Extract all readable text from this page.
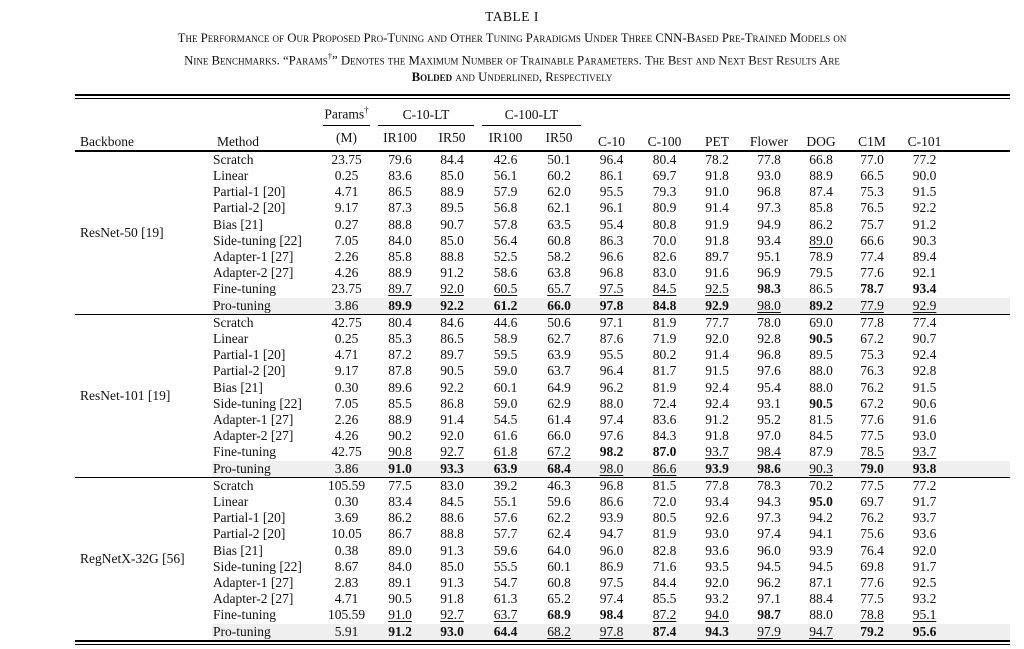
TABLE I
The Performance of Our Proposed Pro-Tuning and Other Tuning Paradigms Under Three CNN-Based Pre-Trained Models on
Nine Benchmarks. “Params†” Denotes the Maximum Number of Trainable Parameters. The Best and Next Best Results Are
Bolded and Underlined, Respectively
Backbone	Method	Params†	C-10-LT		C-100-LT		C-10	C-100	PET	Flower	DOG	C1M	C-101	
		(M)	IR100	IR50	IR100	IR50								
ResNet-50 [19]	Scratch	23.75	79.6	84.4	42.6	50.1	96.4	80.4	78.2	77.8	66.8	77.0	77.2	
	Linear	0.25	83.6	85.0	56.1	60.2	86.1	69.7	91.8	93.0	88.9	66.5	90.0	
	Partial-1 [20]	4.71	86.5	88.9	57.9	62.0	95.5	79.3	91.0	96.8	87.4	75.3	91.5	
	Partial-2 [20]	9.17	87.3	89.5	56.8	62.1	96.1	80.9	91.4	97.3	85.8	76.5	92.2	
	Bias [21]	0.27	88.8	90.7	57.8	63.5	95.4	80.8	91.9	94.9	86.2	75.7	91.2	
	Side-tuning [22]	7.05	84.0	85.0	56.4	60.8	86.3	70.0	91.8	93.4	89.0	66.6	90.3	
	Adapter-1 [27]	2.26	85.8	88.8	52.5	58.2	96.6	82.6	89.7	95.1	78.9	77.4	89.4	
	Adapter-2 [27]	4.26	88.9	91.2	58.6	63.8	96.8	83.0	91.6	96.9	79.5	77.6	92.1	
	Fine-tuning	23.75	89.7	92.0	60.5	65.7	97.5	84.5	92.5	98.3	86.5	78.7	93.4	
	Pro-tuning	3.86	89.9	92.2	61.2	66.0	97.8	84.8	92.9	98.0	89.2	77.9	92.9	
ResNet-101 [19]	Scratch	42.75	80.4	84.6	44.6	50.6	97.1	81.9	77.7	78.0	69.0	77.8	77.4	
	Linear	0.25	85.3	86.5	58.9	62.7	87.6	71.9	92.0	92.8	90.5	67.2	90.7	
	Partial-1 [20]	4.71	87.2	89.7	59.5	63.9	95.5	80.2	91.4	96.8	89.5	75.3	92.4	
	Partial-2 [20]	9.17	87.8	90.5	59.0	63.7	96.4	81.7	91.5	97.6	88.0	76.3	92.8	
	Bias [21]	0.30	89.6	92.2	60.1	64.9	96.2	81.9	92.4	95.4	88.0	76.2	91.5	
	Side-tuning [22]	7.05	85.5	86.8	59.0	62.9	88.0	72.4	92.4	93.1	90.5	67.2	90.6	
	Adapter-1 [27]	2.26	88.9	91.4	54.5	61.4	97.4	83.6	91.2	95.2	81.5	77.6	91.6	
	Adapter-2 [27]	4.26	90.2	92.0	61.6	66.0	97.6	84.3	91.8	97.0	84.5	77.5	93.0	
	Fine-tuning	42.75	90.8	92.7	61.8	67.2	98.2	87.0	93.7	98.4	87.9	78.5	93.7	
	Pro-tuning	3.86	91.0	93.3	63.9	68.4	98.0	86.6	93.9	98.6	90.3	79.0	93.8	
RegNetX-32G [56]	Scratch	105.59	77.5	83.0	39.2	46.3	96.8	81.5	77.8	78.3	70.2	77.5	77.2	
	Linear	0.30	83.4	84.5	55.1	59.6	86.6	72.0	93.4	94.3	95.0	69.7	91.7	
	Partial-1 [20]	3.69	86.2	88.6	57.6	62.2	93.9	80.5	92.6	97.3	94.2	76.2	93.7	
	Partial-2 [20]	10.05	86.7	88.8	57.7	62.4	94.7	81.9	93.0	97.4	94.1	75.6	93.6	
	Bias [21]	0.38	89.0	91.3	59.6	64.0	96.0	82.8	93.6	96.0	93.9	76.4	92.0	
	Side-tuning [22]	8.67	84.0	85.0	55.5	60.1	86.9	71.6	93.5	94.5	94.5	69.8	91.7	
	Adapter-1 [27]	2.83	89.1	91.3	54.7	60.8	97.5	84.4	92.0	96.2	87.1	77.6	92.5	
	Adapter-2 [27]	4.71	90.5	91.8	61.3	65.2	97.4	85.5	93.2	97.1	88.4	77.5	93.2	
	Fine-tuning	105.59	91.0	92.7	63.7	68.9	98.4	87.2	94.0	98.7	88.0	78.8	95.1	
	Pro-tuning	5.91	91.2	93.0	64.4	68.2	97.8	87.4	94.3	97.9	94.7	79.2	95.6	
